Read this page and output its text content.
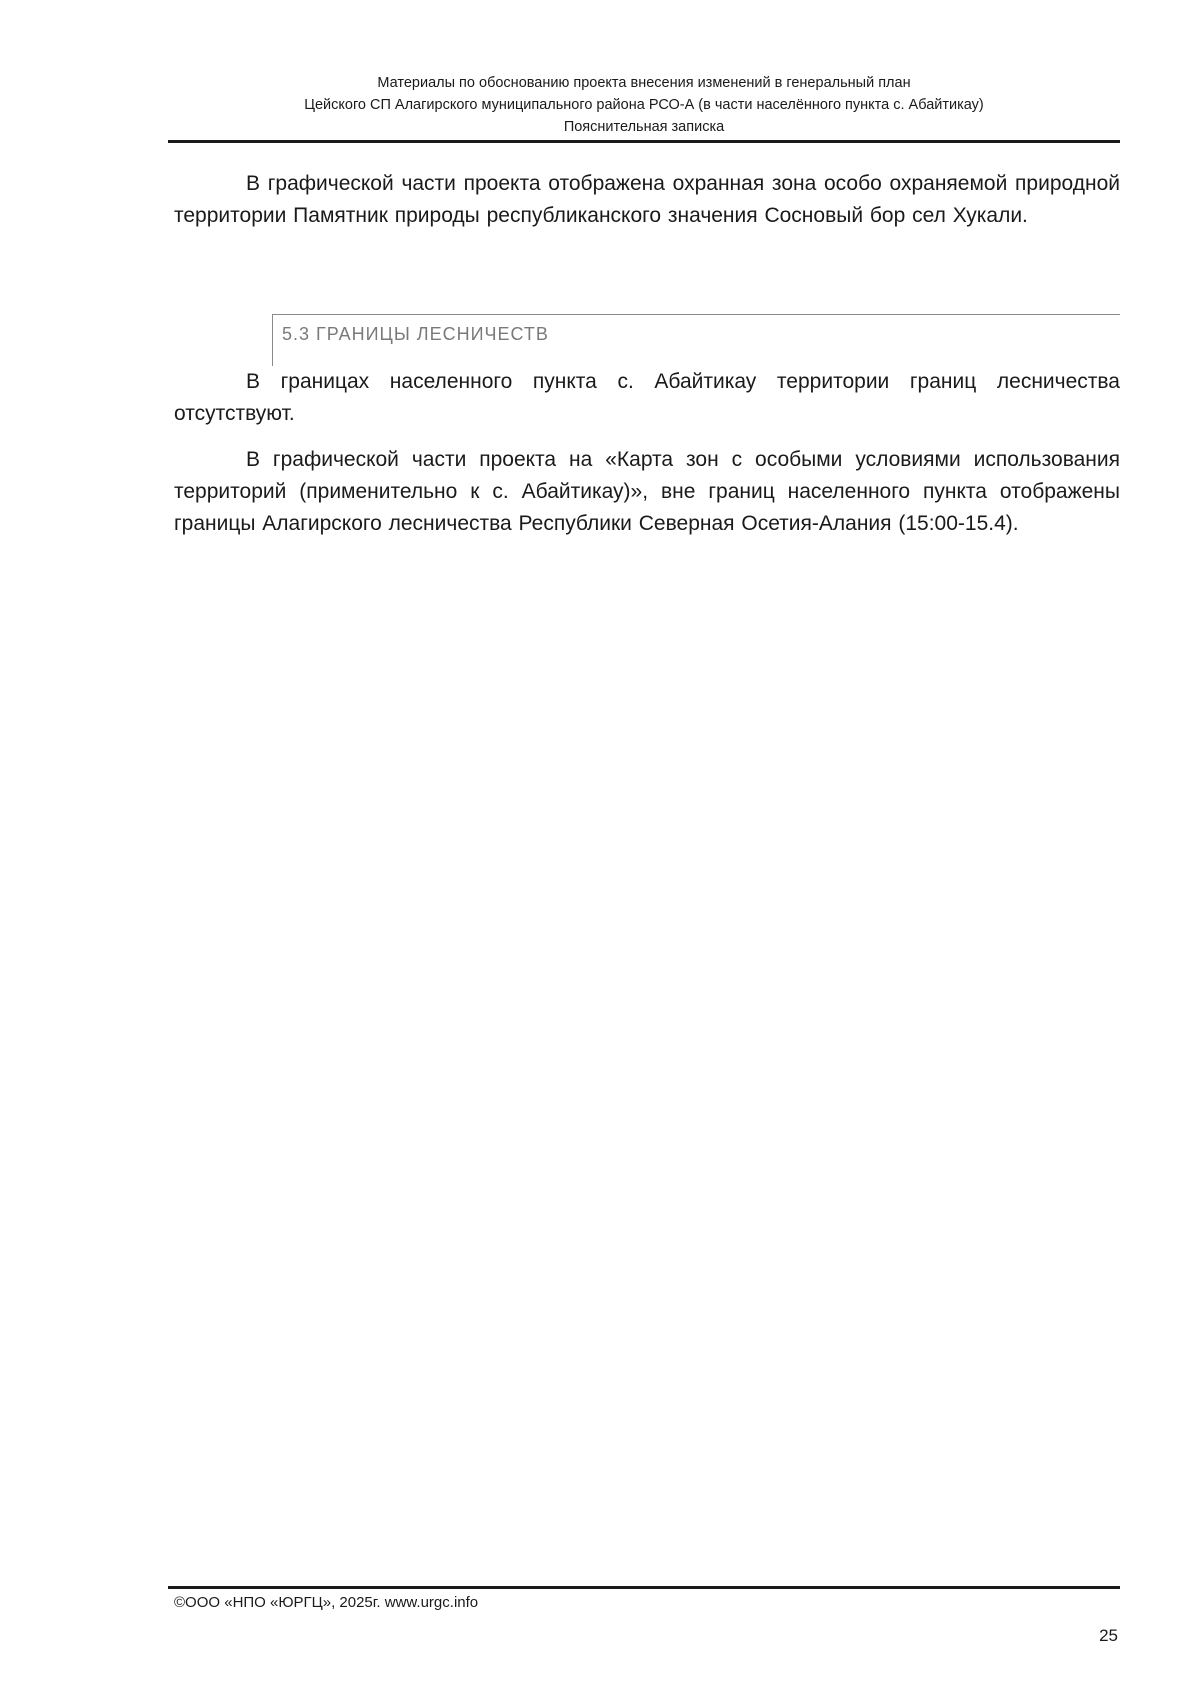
Материалы по обоснованию проекта внесения изменений в генеральный план
Цейского СП Алагирского муниципального района РСО-А (в части населённого пункта с. Абайтикау)
Пояснительная записка

В графической части проекта отображена охранная зона особо охраняемой природной территории Памятник природы республиканского значения Сосновый бор сел Хукали.

5.3 ГРАНИЦЫ ЛЕСНИЧЕСТВ

В границах населенного пункта с. Абайтикау территории границ лесничества отсутствуют.

В графической части проекта на «Карта зон с особыми условиями использования территорий (применительно к с. Абайтикау)», вне границ населенного пункта отображены границы Алагирского лесничества Республики Северная Осетия-Алания (15:00-15.4).

©ООО «НПО «ЮРГЦ», 2025г. www.urgc.info
25
